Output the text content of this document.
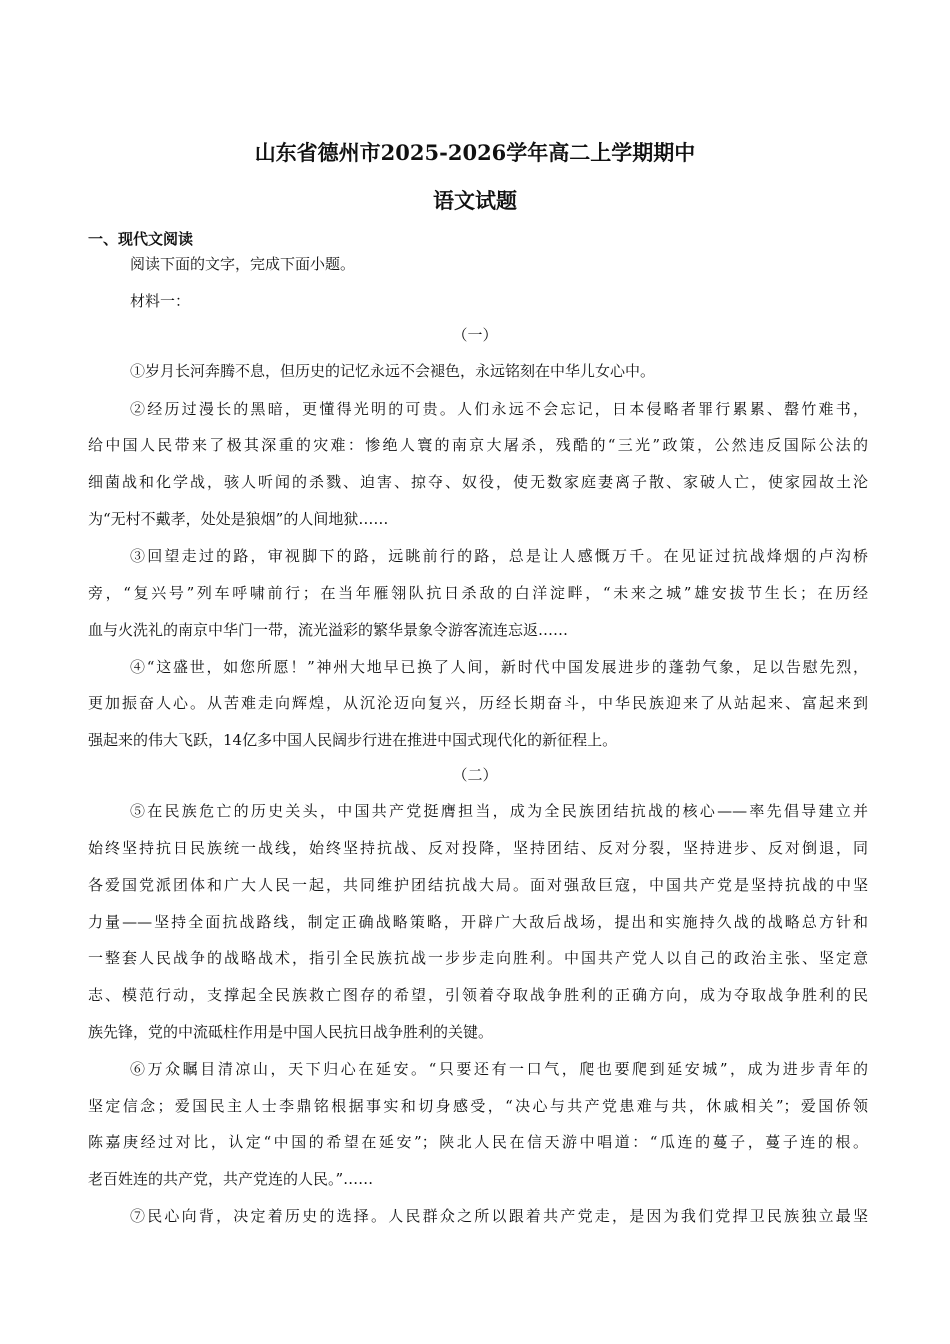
山东省德州市2025-2026学年高二上学期期中
语文试题
一、现代文阅读
阅读下面的文字，完成下面小题。
材料一：
（一）
①岁月长河奔腾不息，但历史的记忆永远不会褪色，永远铭刻在中华儿女心中。
②经历过漫长的黑暗，更懂得光明的可贵。人们永远不会忘记，日本侵略者罪行累累、罄竹难书，
给中国人民带来了极其深重的灾难：惨绝人寰的南京大屠杀，残酷的“三光”政策，公然违反国际公法的
细菌战和化学战，骇人听闻的杀戮、迫害、掠夺、奴役，使无数家庭妻离子散、家破人亡，使家园故土沦
为“无村不戴孝，处处是狼烟”的人间地狱……
③回望走过的路，审视脚下的路，远眺前行的路，总是让人感慨万千。在见证过抗战烽烟的卢沟桥
旁，“复兴号”列车呼啸前行；在当年雁翎队抗日杀敌的白洋淀畔，“未来之城”雄安拔节生长；在历经
血与火洗礼的南京中华门一带，流光溢彩的繁华景象令游客流连忘返……
④“这盛世，如您所愿！”神州大地早已换了人间，新时代中国发展进步的蓬勃气象，足以告慰先烈，
更加振奋人心。从苦难走向辉煌，从沉沦迈向复兴，历经长期奋斗，中华民族迎来了从站起来、富起来到
强起来的伟大飞跃，14亿多中国人民阔步行进在推进中国式现代化的新征程上。
（二）
⑤在民族危亡的历史关头，中国共产党挺膺担当，成为全民族团结抗战的核心——率先倡导建立并
始终坚持抗日民族统一战线，始终坚持抗战、反对投降，坚持团结、反对分裂，坚持进步、反对倒退，同
各爱国党派团体和广大人民一起，共同维护团结抗战大局。面对强敌巨寇，中国共产党是坚持抗战的中坚
力量——坚持全面抗战路线，制定正确战略策略，开辟广大敌后战场，提出和实施持久战的战略总方针和
一整套人民战争的战略战术，指引全民族抗战一步步走向胜利。中国共产党人以自己的政治主张、坚定意
志、模范行动，支撑起全民族救亡图存的希望，引领着夺取战争胜利的正确方向，成为夺取战争胜利的民
族先锋，党的中流砥柱作用是中国人民抗日战争胜利的关键。
⑥万众瞩目清凉山，天下归心在延安。“只要还有一口气，爬也要爬到延安城”，成为进步青年的
坚定信念；爱国民主人士李鼎铭根据事实和切身感受，“决心与共产党患难与共，休戚相关”；爱国侨领
陈嘉庚经过对比，认定“中国的希望在延安”；陕北人民在信天游中唱道：“瓜连的蔓子，蔓子连的根。
老百姓连的共产党，共产党连的人民。”……
⑦民心向背，决定着历史的选择。人民群众之所以跟着共产党走，是因为我们党捍卫民族独立最坚
